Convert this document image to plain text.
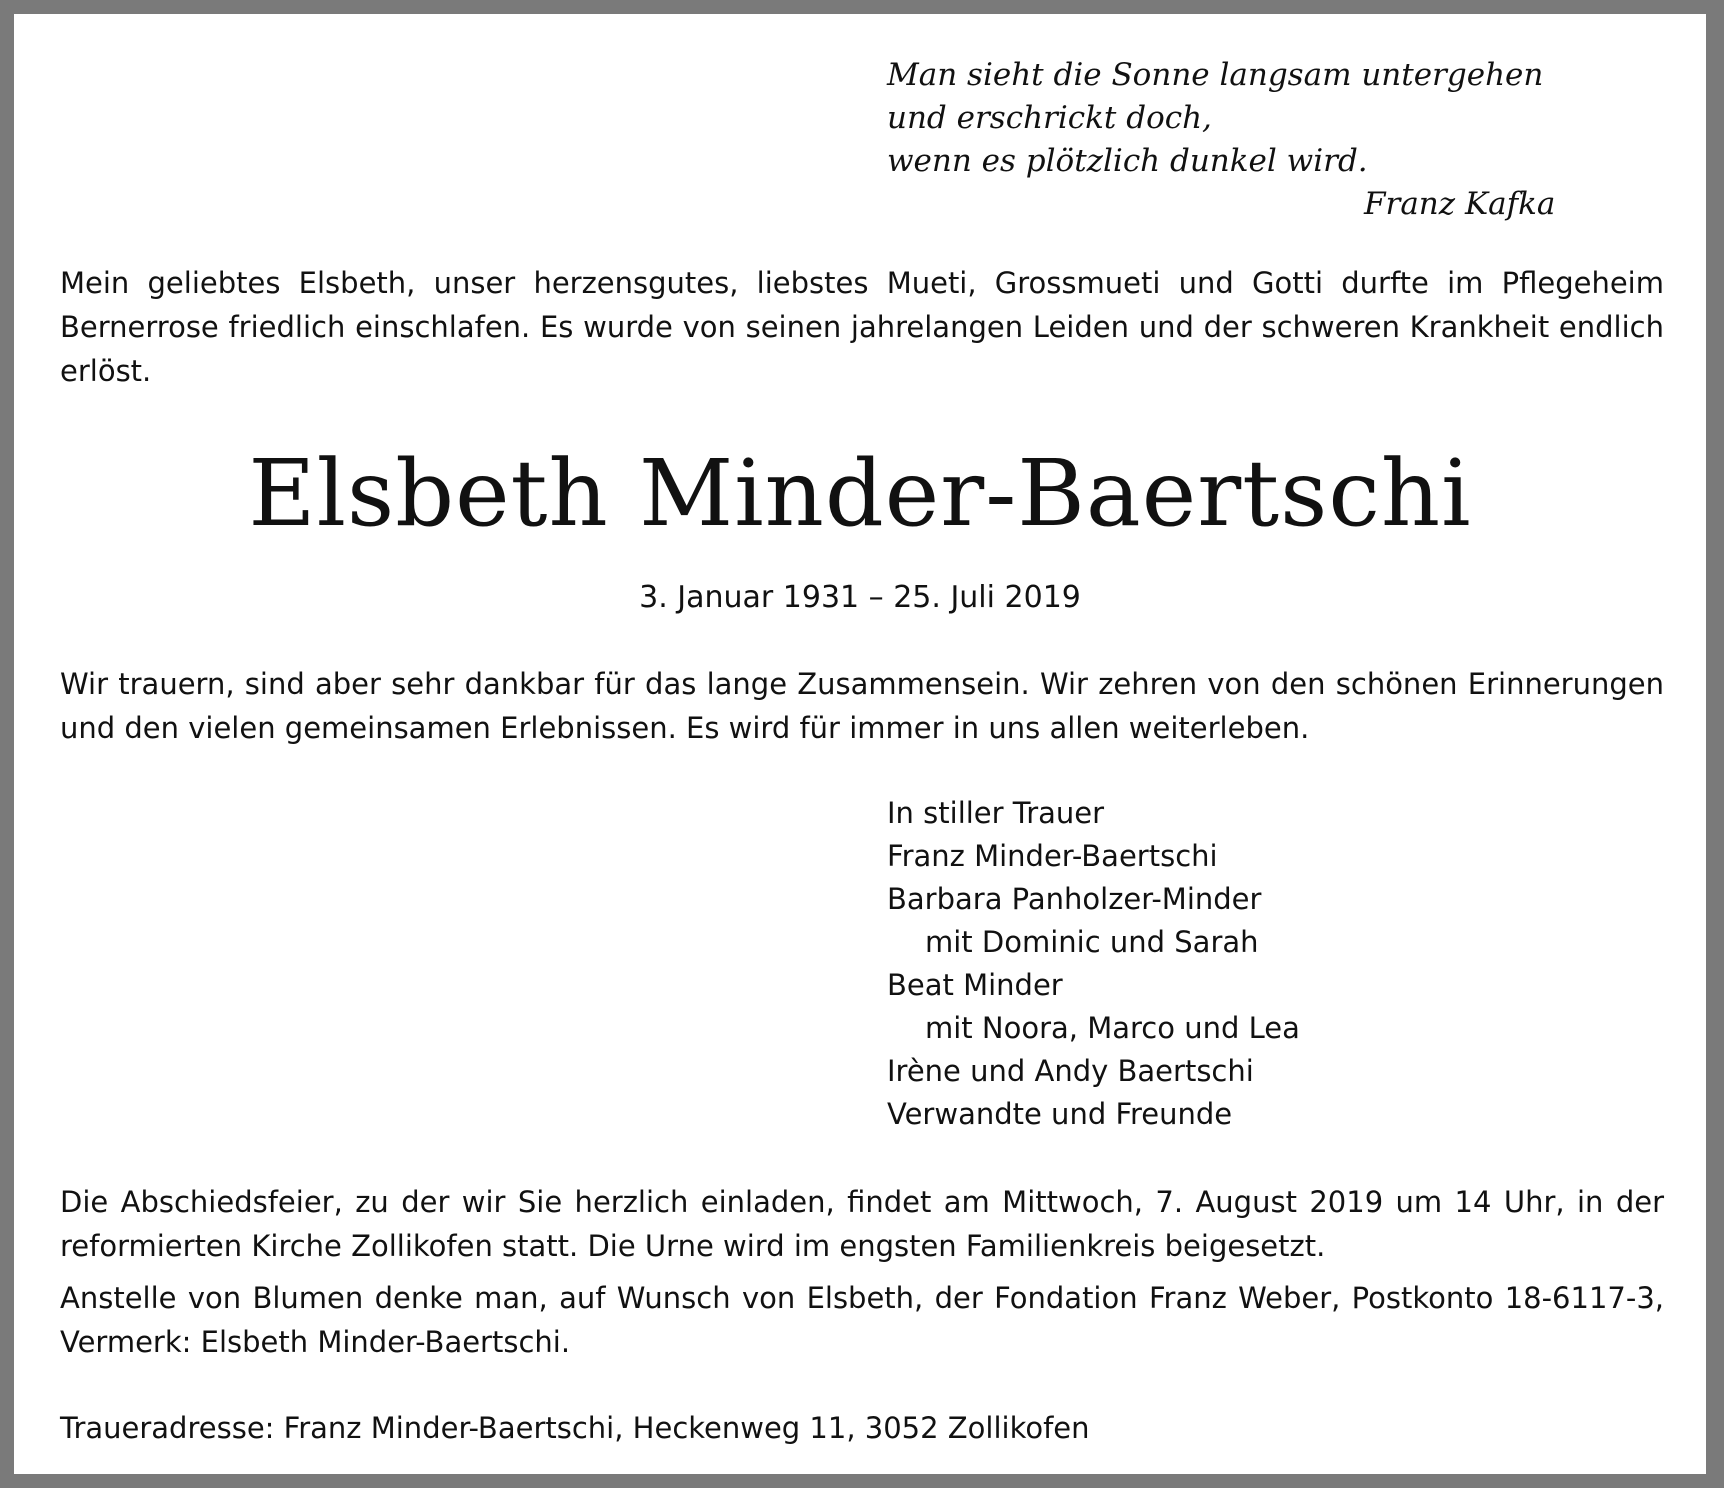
Man sieht die Sonne langsam untergehen
und erschrickt doch,
wenn es plötzlich dunkel wird.
Franz Kafka

Mein geliebtes Elsbeth, unser herzensgutes, liebstes Mueti, Grossmueti und Gotti durfte im Pflegeheim Bernerrose friedlich einschlafen. Es wurde von seinen jahrelangen Leiden und der schweren Krankheit endlich erlöst.

Elsbeth Minder-Baertschi

3. Januar 1931 – 25. Juli 2019

Wir trauern, sind aber sehr dankbar für das lange Zusammensein. Wir zehren von den schönen Erinnerungen und den vielen gemeinsamen Erlebnissen. Es wird für immer in uns allen weiterleben.

In stiller Trauer
Franz Minder-Baertschi
Barbara Panholzer-Minder
mit Dominic und Sarah
Beat Minder
mit Noora, Marco und Lea
Irène und Andy Baertschi
Verwandte und Freunde

Die Abschiedsfeier, zu der wir Sie herzlich einladen, findet am Mittwoch, 7. August 2019 um 14 Uhr, in der reformierten Kirche Zollikofen statt. Die Urne wird im engsten Familienkreis beigesetzt.

Anstelle von Blumen denke man, auf Wunsch von Elsbeth, der Fondation Franz Weber, Postkonto 18-6117-3, Vermerk: Elsbeth Minder-Baertschi.

Traueradresse: Franz Minder-Baertschi, Heckenweg 11, 3052 Zollikofen
